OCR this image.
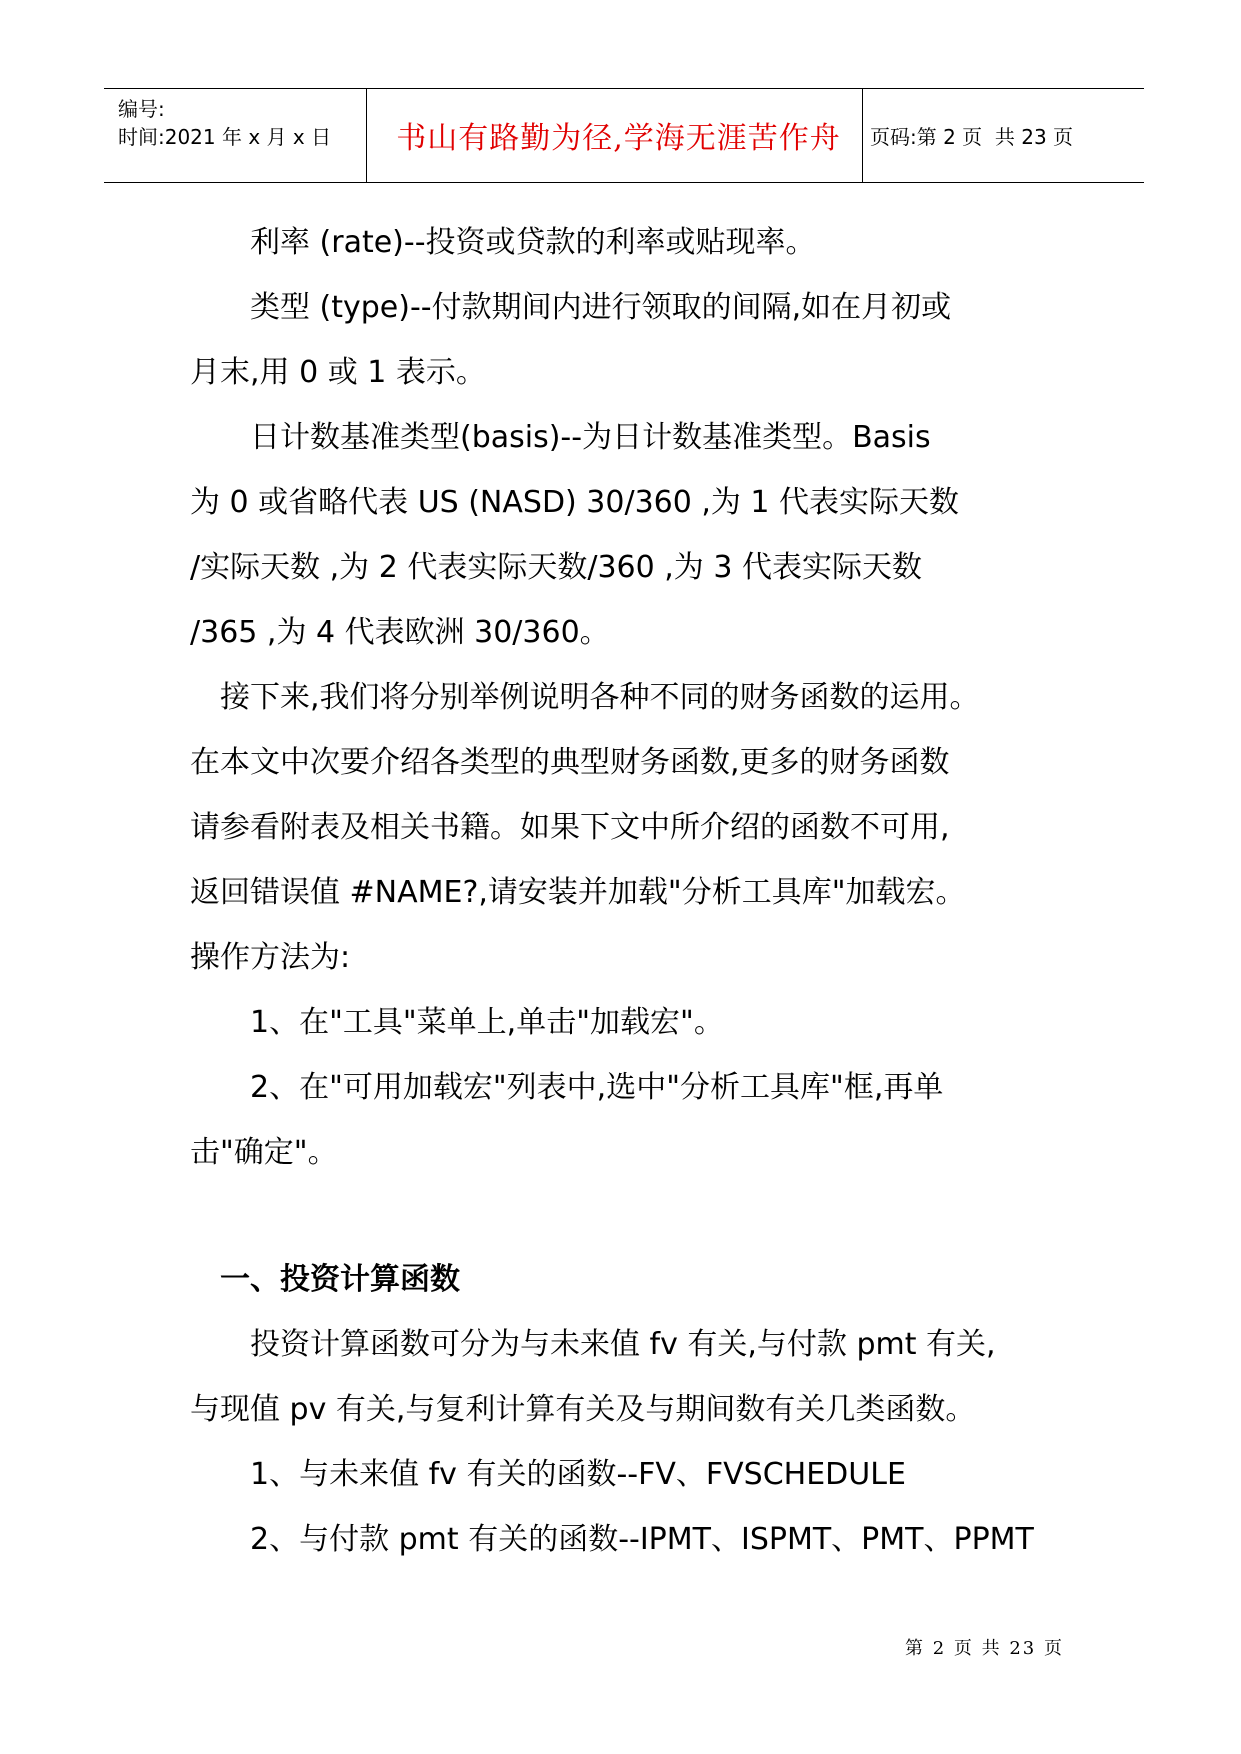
编号:
时间:2021 年 x 月 x 日	书山有路勤为径,学海无涯苦作舟	页码:第 2 页  共 23 页

　　利率 (rate)--投资或贷款的利率或贴现率。

　　类型 (type)--付款期间内进行领取的间隔,如在月初或

月末,用 0 或 1 表示。

　　日计数基准类型(basis)--为日计数基准类型。Basis

为 0 或省略代表 US (NASD) 30/360 ,为 1 代表实际天数

/实际天数 ,为 2 代表实际天数/360 ,为 3 代表实际天数

/365 ,为 4 代表欧洲 30/360。

　接下来,我们将分别举例说明各种不同的财务函数的运用。

在本文中次要介绍各类型的典型财务函数,更多的财务函数

请参看附表及相关书籍。如果下文中所介绍的函数不可用,

返回错误值 #NAME?,请安装并加载"分析工具库"加载宏。

操作方法为:

　　1、在"工具"菜单上,单击"加载宏"。

　　2、在"可用加载宏"列表中,选中"分析工具库"框,再单

击"确定"。

　一、投资计算函数

　　投资计算函数可分为与未来值 fv 有关,与付款 pmt 有关,

与现值 pv 有关,与复利计算有关及与期间数有关几类函数。

　　1、与未来值 fv 有关的函数--FV、FVSCHEDULE

　　2、与付款 pmt 有关的函数--IPMT、ISPMT、PMT、PPMT

第 2 页 共 23 页
